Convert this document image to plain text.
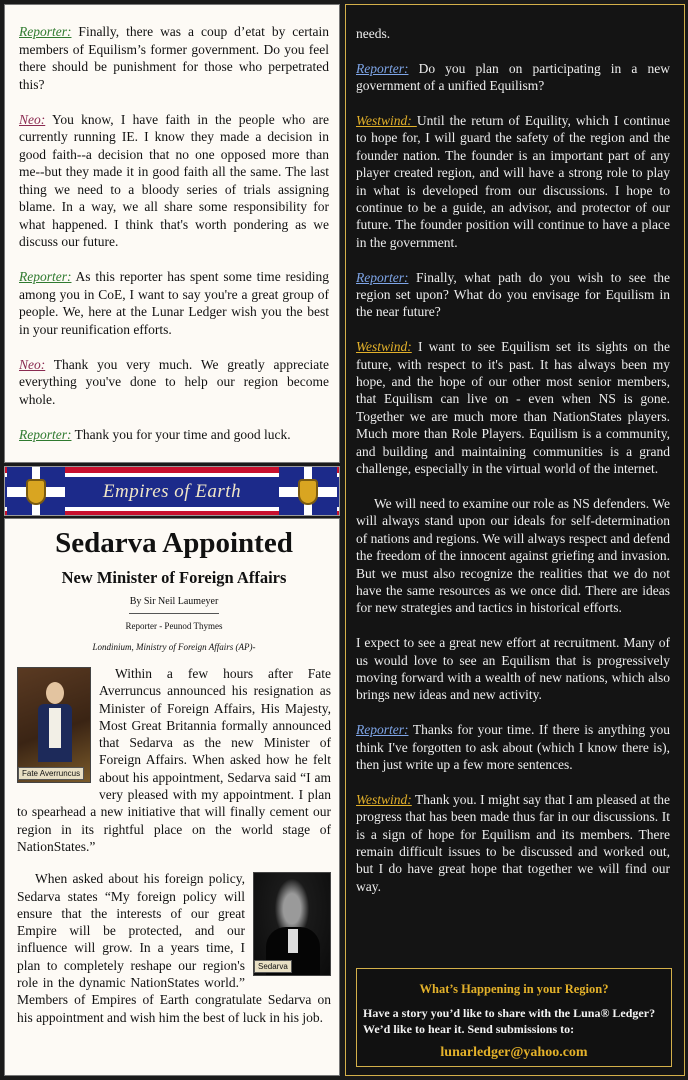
Reporter: Finally, there was a coup d’etat by certain members of Equilism’s former government. Do you feel there should be punishment for those who perpetrated this?

Neo: You know, I have faith in the people who are currently running IE. I know they made a decision in good faith--a decision that no one opposed more than me--but they made it in good faith all the same. The last thing we need to a bloody series of trials assigning blame. In a way, we all share some responsibility for what happened. I think that's worth pondering as we discuss our future.

Reporter: As this reporter has spent some time residing among you in CoE, I want to say you're a great group of people. We, here at the Lunar Ledger wish you the best in your reunification efforts.

Neo: Thank you very much. We greatly appreciate everything you've done to help our region become whole.

Reporter: Thank you for your time and good luck.

Empires of Earth
Sedarva Appointed
New Minister of Foreign Affairs
By Sir Neil Laumeyer
Reporter - Peunod Thymes
Londinium, Ministry of Foreign Affairs (AP)-
Fate Averruncus

Within a few hours after Fate Averruncus announced his resignation as Minister of Foreign Affairs, His Majesty, Most Great Britannia formally announced that Sedarva as the new Minister of Foreign Affairs. When asked how he felt about his appointment, Sedarva said “I am very pleased with my appointment. I plan to spearhead a new initiative that will finally cement our region in its rightful place on the world stage of NationStates.”

Sedarva

When asked about his foreign policy, Sedarva states “My foreign policy will ensure that the interests of our great Empire will be protected, and our influence will grow. In a years time, I plan to completely reshape our region's role in the dynamic NationStates world.” Members of Empires of Earth congratulate Sedarva on his appointment and wish him the best of luck in his job.

needs.

Reporter: Do you plan on participating in a new government of a unified Equilism?

Westwind: Until the return of Equility, which I continue to hope for, I will guard the safety of the region and the founder nation. The founder is an important part of any player created region, and will have a strong role to play in what is developed from our discussions. I hope to continue to be a guide, an advisor, and protector of our future. The founder position will continue to have a place in the government.

Reporter: Finally, what path do you wish to see the region set upon? What do you envisage for Equilism in the near future?

Westwind: I want to see Equilism set its sights on the future, with respect to it's past. It has always been my hope, and the hope of our other most senior members, that Equilism can live on - even when NS is gone. Together we are much more than NationStates players. Much more than Role Players. Equilism is a community, and building and maintaining communities is a grand challenge, especially in the virtual world of the internet.

We will need to examine our role as NS defenders. We will always stand upon our ideals for self-determination of nations and regions. We will always respect and defend the freedom of the innocent against griefing and invasion. But we must also recognize the realities that we do not have the same resources as we once did. There are ideas for new strategies and tactics in historical efforts.

I expect to see a great new effort at recruitment. Many of us would love to see an Equilism that is progressively moving forward with a wealth of new nations, which also brings new ideas and new activity.

Reporter: Thanks for your time. If there is anything you think I've forgotten to ask about (which I know there is), then just write up a few more sentences.

Westwind: Thank you. I might say that I am pleased at the progress that has been made thus far in our discussions. It is a sign of hope for Equilism and its members. There remain difficult issues to be discussed and worked out, but I do have great hope that together we will find our way.

What’s Happening in your Region?
Have a story you’d like to share with the Luna® Ledger? We’d like to hear it. Send submissions to:
lunarledger@yahoo.com
